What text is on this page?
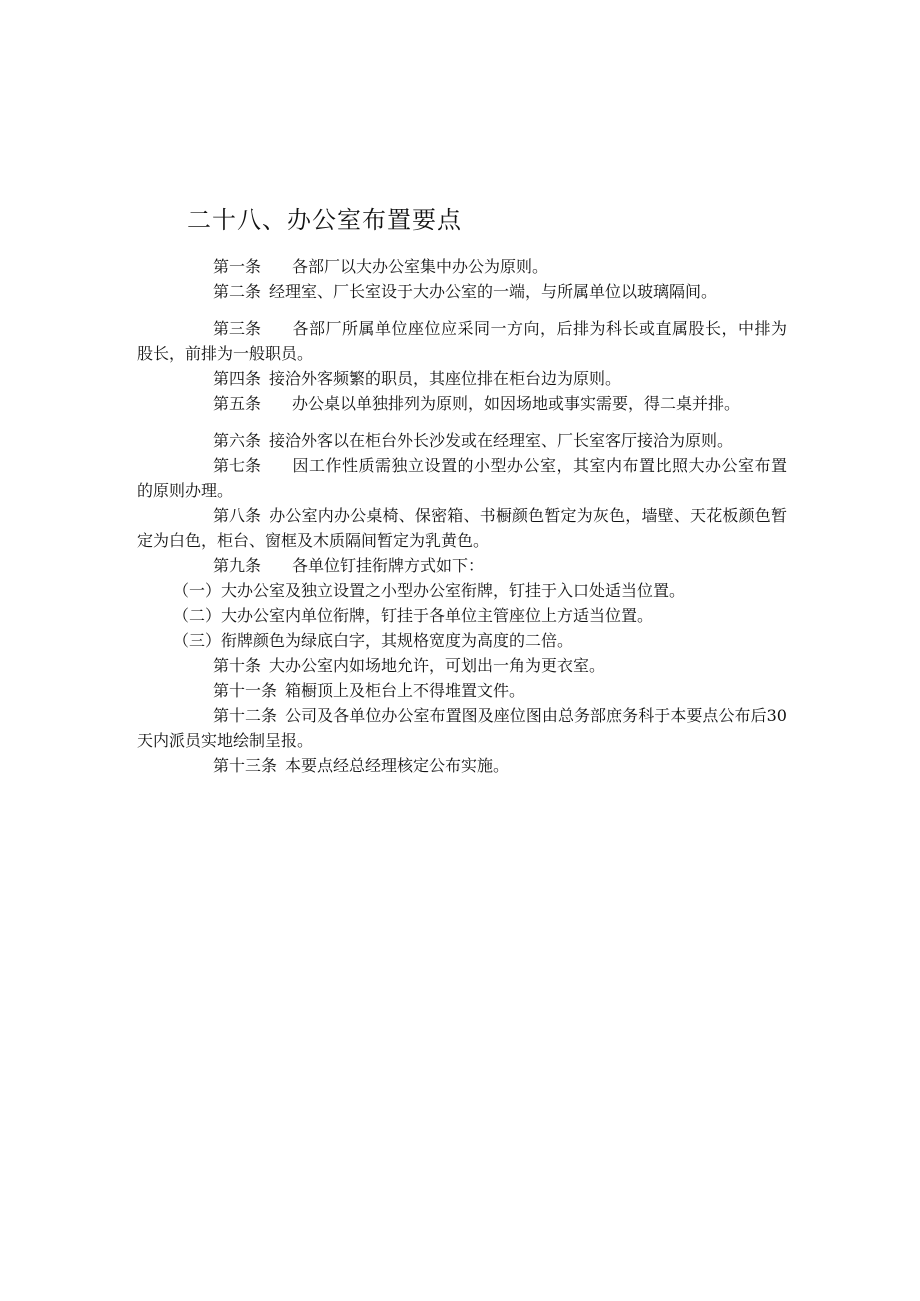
二十八、办公室布置要点

第一条 各部厂以大办公室集中办公为原则。

第二条 经理室、厂长室设于大办公室的一端，与所属单位以玻璃隔间。

第三条 各部厂所属单位座位应采同一方向，后排为科长或直属股长，中排为股长，前排为一般职员。

第四条 接洽外客频繁的职员，其座位排在柜台边为原则。

第五条 办公桌以单独排列为原则，如因场地或事实需要，得二桌并排。

第六条 接洽外客以在柜台外长沙发或在经理室、厂长室客厅接洽为原则。

第七条 因工作性质需独立设置的小型办公室，其室内布置比照大办公室布置的原则办理。

第八条 办公室内办公桌椅、保密箱、书橱颜色暂定为灰色，墙壁、天花板颜色暂定为白色，柜台、窗框及木质隔间暂定为乳黄色。

第九条 各单位钉挂衔牌方式如下：

（一）大办公室及独立设置之小型办公室衔牌，钉挂于入口处适当位置。

（二）大办公室内单位衔牌，钉挂于各单位主管座位上方适当位置。

（三）衔牌颜色为绿底白字，其规格宽度为高度的二倍。

第十条 大办公室内如场地允许，可划出一角为更衣室。

第十一条 箱橱顶上及柜台上不得堆置文件。

第十二条 公司及各单位办公室布置图及座位图由总务部庶务科于本要点公布后30天内派员实地绘制呈报。

第十三条 本要点经总经理核定公布实施。
